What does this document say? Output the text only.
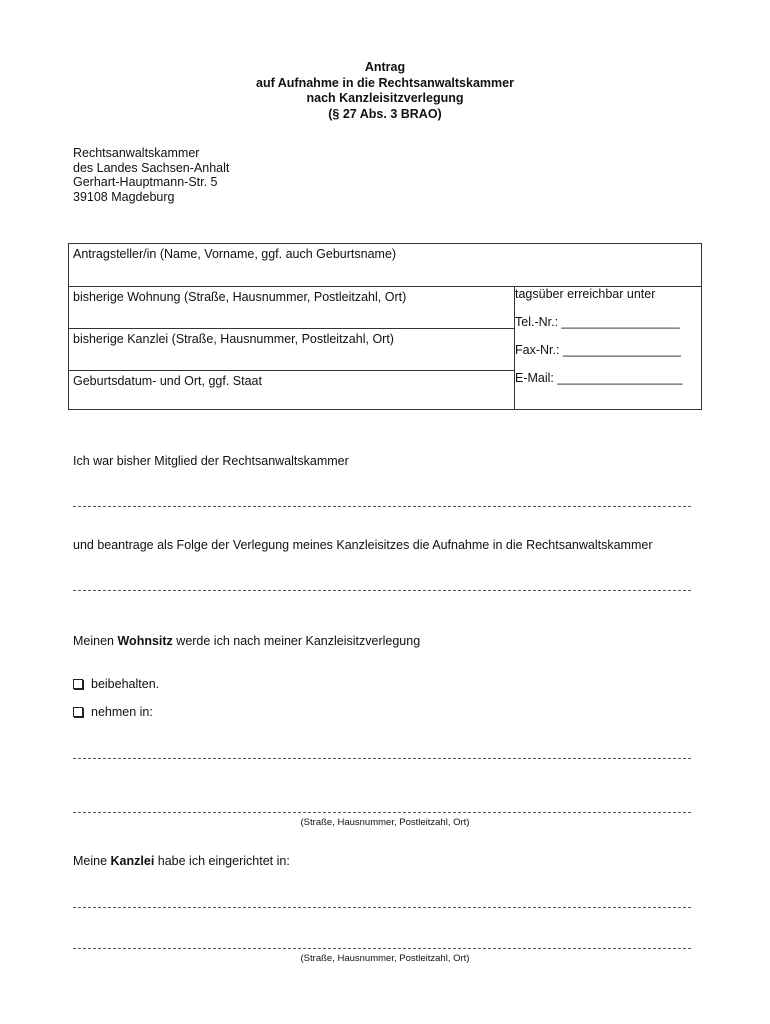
Antrag
auf Aufnahme in die Rechtsanwaltskammer
nach Kanzleisitzverlegung
(§ 27 Abs. 3 BRAO)
Rechtsanwaltskammer
des Landes Sachsen-Anhalt
Gerhart-Hauptmann-Str. 5
39108 Magdeburg
Antragsteller/in (Name, Vorname, ggf. auch Geburtsname)

bisherige Wohnung (Straße, Hausnummer, Postleitzahl, Ort)	tagsüber erreichbar unter
Tel.-Nr.: _________________
Fax-Nr.: _________________
E-Mail: __________________

bisherige Kanzlei (Straße, Hausnummer, Postleitzahl, Ort)

Geburtsdatum- und Ort, ggf. Staat
Ich war bisher Mitglied der Rechtsanwaltskammer
und beantrage als Folge der Verlegung meines Kanzleisitzes die Aufnahme in die Rechtsanwaltskammer
Meinen Wohnsitz werde ich nach meiner Kanzleisitzverlegung
beibehalten.
nehmen in:
(Straße, Hausnummer, Postleitzahl, Ort)
Meine Kanzlei habe ich eingerichtet in:
(Straße, Hausnummer, Postleitzahl, Ort)
